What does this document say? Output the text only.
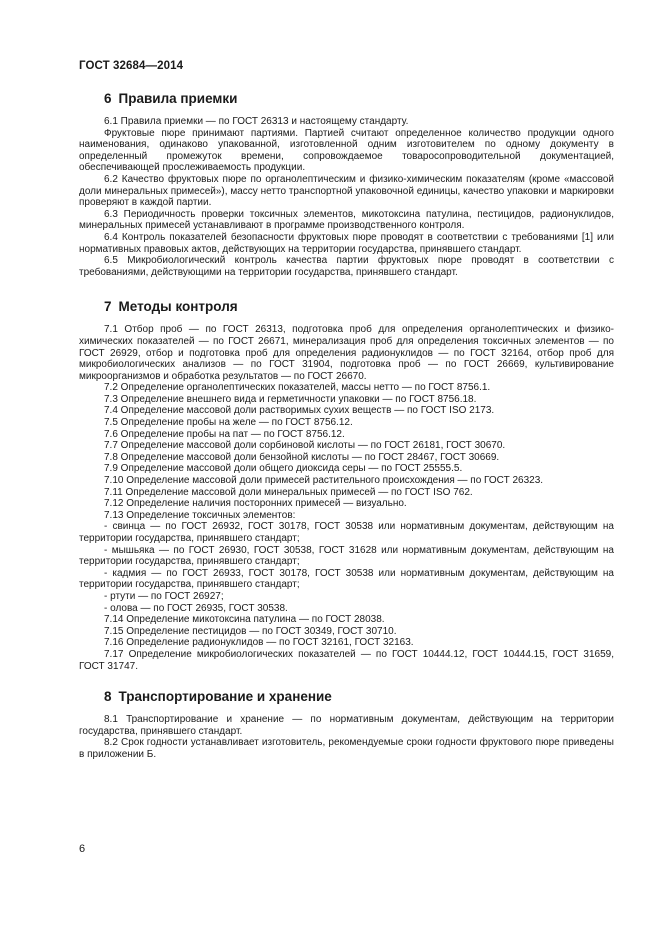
ГОСТ 32684—2014
6 Правила приемки

6.1 Правила приемки — по ГОСТ 26313 и настоящему стандарту.

Фруктовые пюре принимают партиями. Партией считают определенное количество продукции одного наименования, одинаково упакованной, изготовленной одним изготовителем по одному документу в определенный промежуток времени, сопровождаемое товаросопроводительной документацией, обеспечивающей прослеживаемость продукции.

6.2 Качество фруктовых пюре по органолептическим и физико-химическим показателям (кроме «массовой доли минеральных примесей»), массу нетто транспортной упаковочной единицы, качество упаковки и маркировки проверяют в каждой партии.

6.3 Периодичность проверки токсичных элементов, микотоксина патулина, пестицидов, радионуклидов, минеральных примесей устанавливают в программе производственного контроля.

6.4 Контроль показателей безопасности фруктовых пюре проводят в соответствии с требованиями [1] или нормативных правовых актов, действующих на территории государства, принявшего стандарт.

6.5 Микробиологический контроль качества партии фруктовых пюре проводят в соответствии с требованиями, действующими на территории государства, принявшего стандарт.

7 Методы контроля

7.1 Отбор проб — по ГОСТ 26313, подготовка проб для определения органолептических и физико-химических показателей — по ГОСТ 26671, минерализация проб для определения токсичных элементов — по ГОСТ 26929, отбор и подготовка проб для определения радионуклидов — по ГОСТ 32164, отбор проб для микробиологических анализов — по ГОСТ 31904, подготовка проб — по ГОСТ 26669, культивирование микроорганизмов и обработка результатов — по ГОСТ 26670.

7.2 Определение органолептических показателей, массы нетто — по ГОСТ 8756.1.

7.3 Определение внешнего вида и герметичности упаковки — по ГОСТ 8756.18.

7.4 Определение массовой доли растворимых сухих веществ — по ГОСТ ISO 2173.

7.5 Определение пробы на желе — по ГОСТ 8756.12.

7.6 Определение пробы на пат — по ГОСТ 8756.12.

7.7 Определение массовой доли сорбиновой кислоты — по ГОСТ 26181, ГОСТ 30670.

7.8 Определение массовой доли бензойной кислоты — по ГОСТ 28467, ГОСТ 30669.

7.9 Определение массовой доли общего диоксида серы — по ГОСТ 25555.5.

7.10 Определение массовой доли примесей растительного происхождения — по ГОСТ 26323.

7.11 Определение массовой доли минеральных примесей — по ГОСТ ISO 762.

7.12 Определение наличия посторонних примесей — визуально.

7.13 Определение токсичных элементов:

- свинца — по ГОСТ 26932, ГОСТ 30178, ГОСТ 30538 или нормативным документам, действующим на территории государства, принявшего стандарт;

- мышьяка — по ГОСТ 26930, ГОСТ 30538, ГОСТ 31628 или нормативным документам, действующим на территории государства, принявшего стандарт;

- кадмия — по ГОСТ 26933, ГОСТ 30178, ГОСТ 30538 или нормативным документам, действующим на территории государства, принявшего стандарт;

- ртути — по ГОСТ 26927;

- олова — по ГОСТ 26935, ГОСТ 30538.

7.14 Определение микотоксина патулина — по ГОСТ 28038.

7.15 Определение пестицидов — по ГОСТ 30349, ГОСТ 30710.

7.16 Определение радионуклидов — по ГОСТ 32161, ГОСТ 32163.

7.17 Определение микробиологических показателей — по ГОСТ 10444.12, ГОСТ 10444.15, ГОСТ 31659, ГОСТ 31747.

8 Транспортирование и хранение

8.1 Транспортирование и хранение — по нормативным документам, действующим на территории государства, принявшего стандарт.

8.2 Срок годности устанавливает изготовитель, рекомендуемые сроки годности фруктового пюре приведены в приложении Б.

6
